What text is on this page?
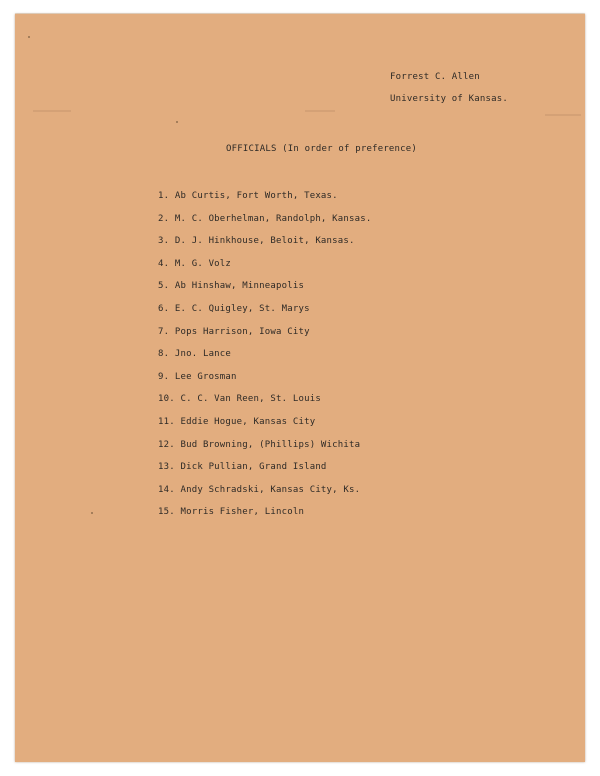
Forrest C. Allen
University of Kansas.
OFFICIALS (In order of preference)
1. Ab Curtis, Fort Worth, Texas.
2. M. C. Oberhelman, Randolph, Kansas.
3. D. J. Hinkhouse, Beloit, Kansas.
4. M. G. Volz
5. Ab Hinshaw, Minneapolis
6. E. C. Quigley, St. Marys
7. Pops Harrison, Iowa City
8. Jno. Lance
9. Lee Grosman
10. C. C. Van Reen, St. Louis
11. Eddie Hogue, Kansas City
12. Bud Browning, (Phillips) Wichita
13. Dick Pullian, Grand Island
14. Andy Schradski, Kansas City, Ks.
15. Morris Fisher, Lincoln
